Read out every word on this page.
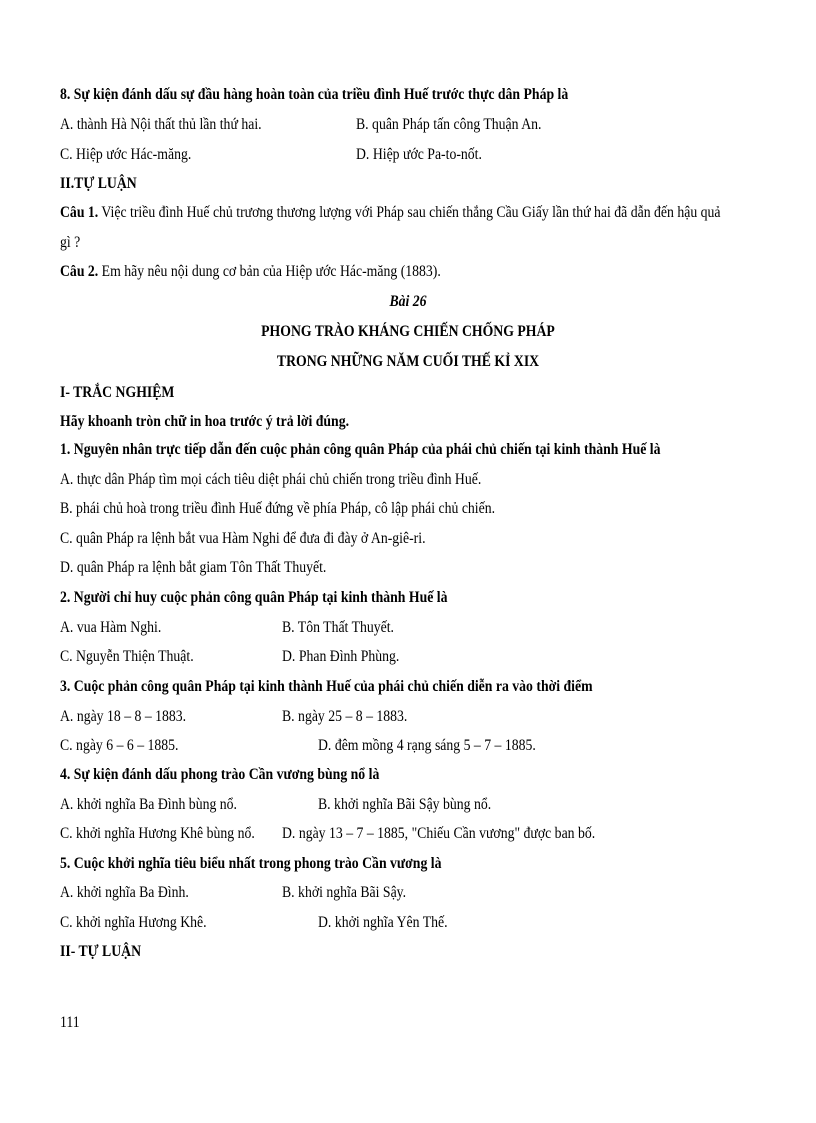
8. Sự kiện đánh dấu sự đầu hàng hoàn toàn của triều đình Huế trước thực dân Pháp là
A. thành Hà Nội thất thủ lần thứ hai.	B. quân Pháp tấn công Thuận An.
C. Hiệp ước Hác-măng.	D. Hiệp ước Pa-to-nốt.
II.TỰ LUẬN
Câu 1. Việc triều đình Huế chủ trương thương lượng với Pháp sau chiến thắng Cầu Giấy lần thứ hai đã dẫn đến hậu quả
gì ?
Câu 2. Em hãy nêu nội dung cơ bản của Hiệp ước Hác-măng (1883).
Bài 26
PHONG TRÀO KHÁNG CHIẾN CHỐNG PHÁP
TRONG NHỮNG NĂM CUỐI THẾ KỈ XIX
I- TRẮC NGHIỆM
Hãy khoanh tròn chữ in hoa trước ý trả lời đúng.
1. Nguyên nhân trực tiếp dẫn đến cuộc phản công quân Pháp của phái chủ chiến tại kinh thành Huế là
A. thực dân Pháp tìm mọi cách tiêu diệt phái chủ chiến trong triều đình Huế.
B. phái chủ hoà trong triều đình Huế đứng về phía Pháp, cô lập phái chủ chiến.
C. quân Pháp ra lệnh bắt vua Hàm Nghi để đưa đi đày ở An-giê-ri.
D. quân Pháp ra lệnh bắt giam Tôn Thất Thuyết.
2. Người chỉ huy cuộc phản công quân Pháp tại kinh thành Huế là
A. vua Hàm Nghi.	B. Tôn Thất Thuyết.
C. Nguyễn Thiện Thuật.	D. Phan Đình Phùng.
3. Cuộc phản công quân Pháp tại kinh thành Huế của phái chủ chiến diễn ra vào thời điểm
A. ngày 18 – 8 – 1883.	B. ngày 25 – 8 – 1883.
C. ngày 6 – 6 – 1885.	D. đêm mồng 4 rạng sáng 5 – 7 – 1885.
4. Sự kiện đánh dấu phong trào Cần vương bùng nổ là
A. khởi nghĩa Ba Đình bùng nổ.	B. khởi nghĩa Bãi Sậy bùng nổ.
C. khởi nghĩa Hương Khê bùng nổ. D. ngày 13 – 7 – 1885, "Chiếu Cần vương" được ban bố.
5. Cuộc khởi nghĩa tiêu biểu nhất trong phong trào Cần vương là
A. khởi nghĩa Ba Đình.	B. khởi nghĩa Bãi Sậy.
C. khởi nghĩa Hương Khê.	D. khởi nghĩa Yên Thế.
II- TỰ LUẬN
111
